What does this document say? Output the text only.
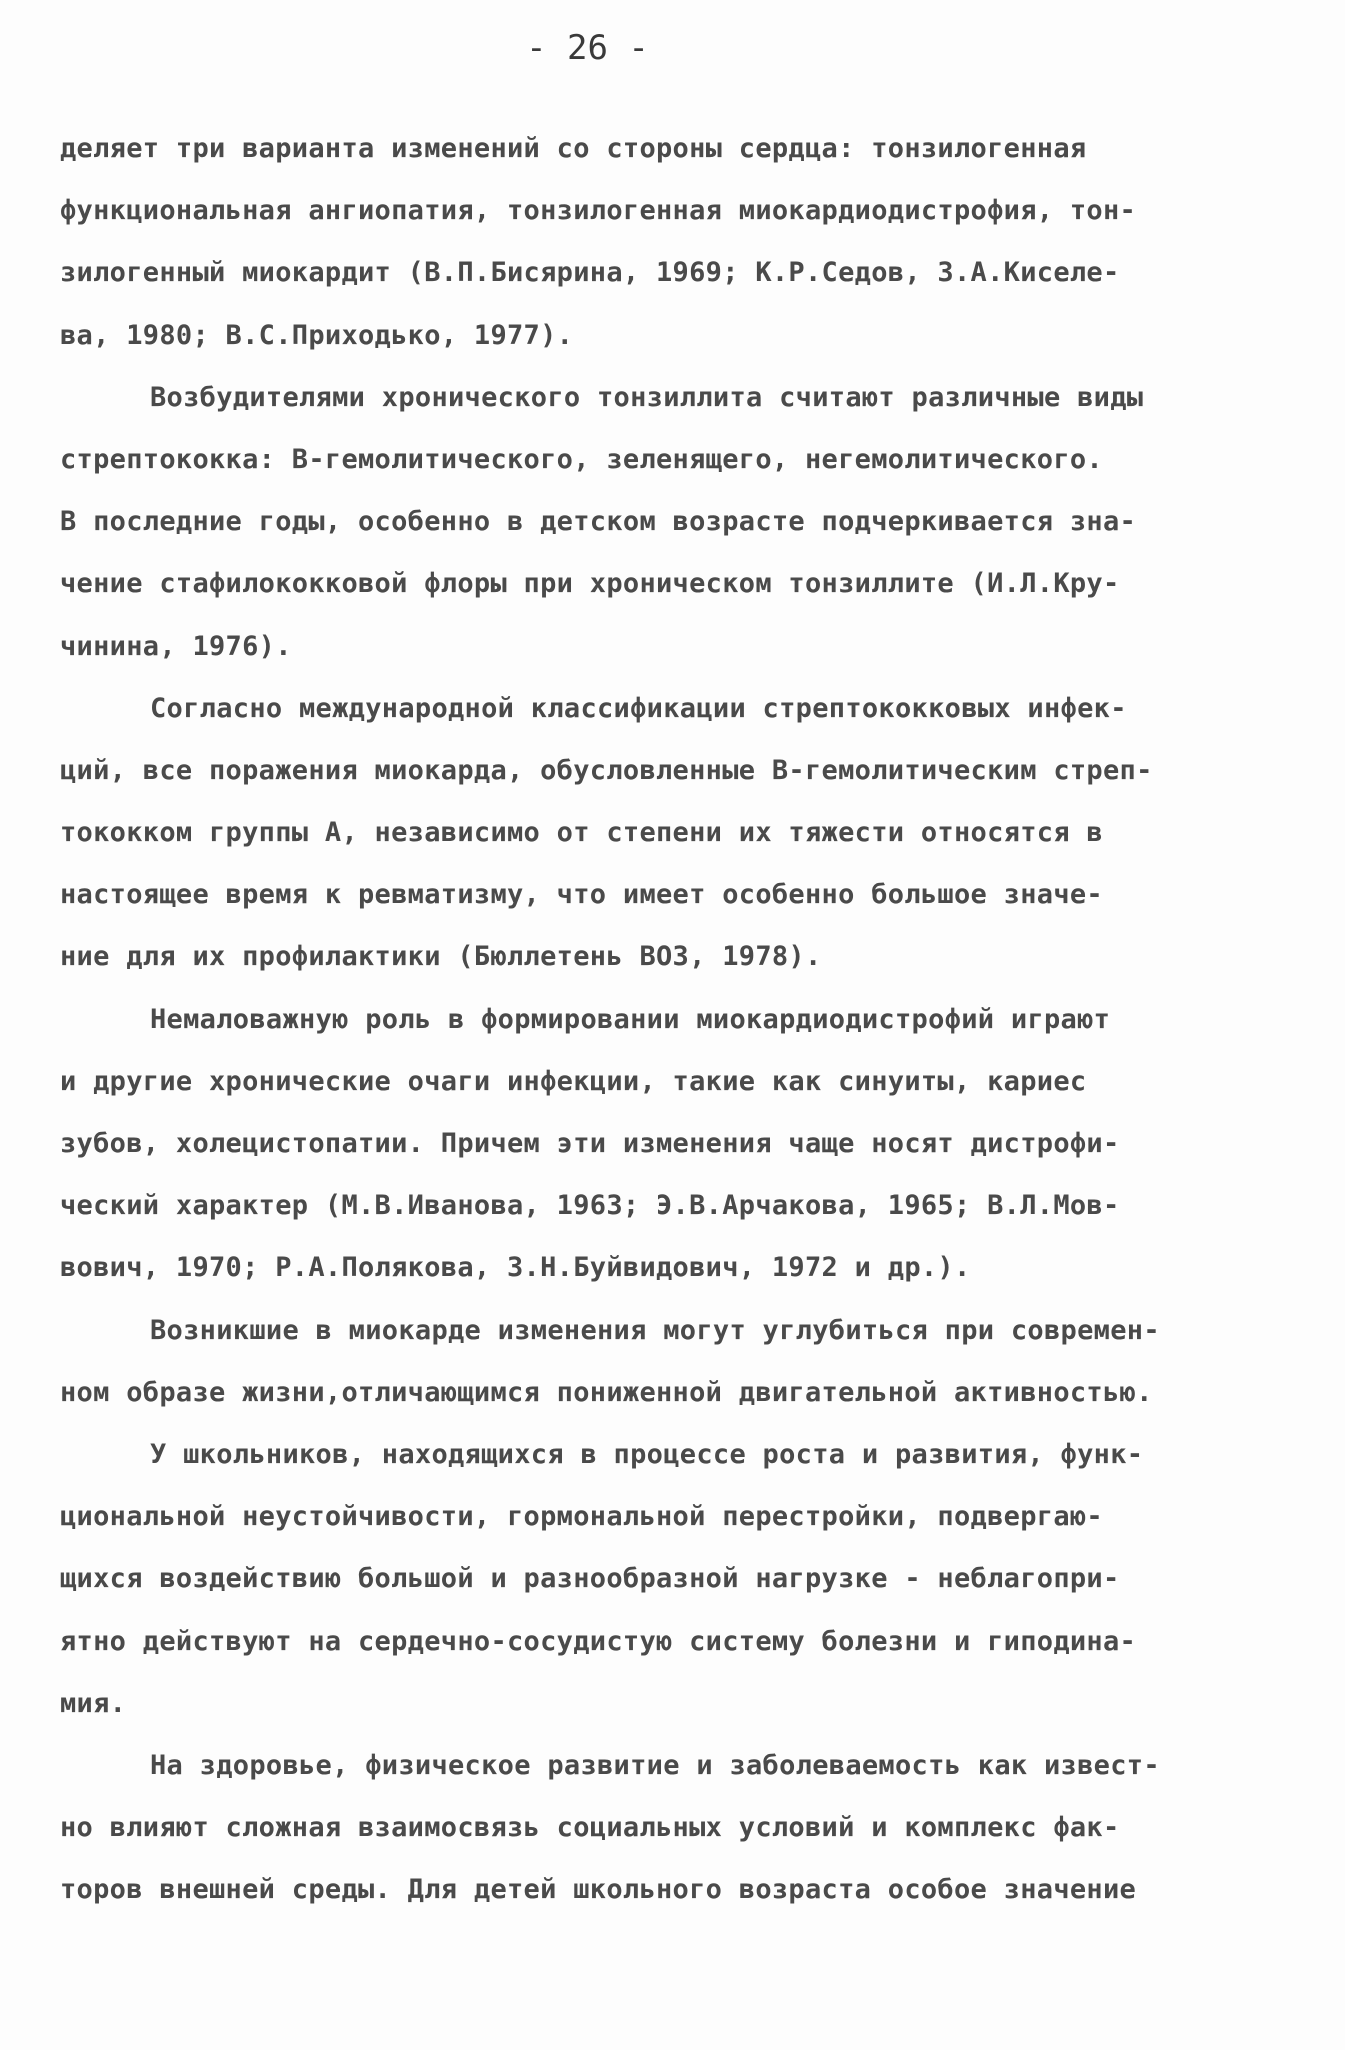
- 26 -
деляет три варианта изменений со стороны сердца: тонзилогенная
функциональная ангиопатия, тонзилогенная миокардиодистрофия, тон-
зилогенный миокардит (В.П.Бисярина, 1969; К.Р.Седов, З.А.Киселе-
ва, 1980; В.С.Приходько, 1977).
Возбудителями хронического тонзиллита считают различные виды
стрептококка: В-гемолитического, зеленящего, негемолитического.
В последние годы, особенно в детском возрасте подчеркивается зна-
чение стафилококковой флоры при хроническом тонзиллите (И.Л.Кру-
чинина, 1976).
Согласно международной классификации стрептококковых инфек-
ций, все поражения миокарда, обусловленные В-гемолитическим стреп-
тококком группы А, независимо от степени их тяжести относятся в
настоящее время к ревматизму, что имеет особенно большое значе-
ние для их профилактики (Бюллетень ВОЗ, 1978).
Немаловажную роль в формировании миокардиодистрофий играют
и другие хронические очаги инфекции, такие как синуиты, кариес
зубов, холецистопатии. Причем эти изменения чаще носят дистрофи-
ческий характер (М.В.Иванова, 1963; Э.В.Арчакова, 1965; В.Л.Мов-
вович, 1970; Р.А.Полякова, З.Н.Буйвидович, 1972 и др.).
Возникшие в миокарде изменения могут углубиться при современ-
ном образе жизни,отличающимся пониженной двигательной активностью.
У школьников, находящихся в процессе роста и развития, функ-
циональной неустойчивости, гормональной перестройки, подвергаю-
щихся воздействию большой и разнообразной нагрузке - неблагопри-
ятно действуют на сердечно-сосудистую систему болезни и гиподина-
мия.
На здоровье, физическое развитие и заболеваемость как извест-
но влияют сложная взаимосвязь социальных условий и комплекс фак-
торов внешней среды. Для детей школьного возраста особое значение
